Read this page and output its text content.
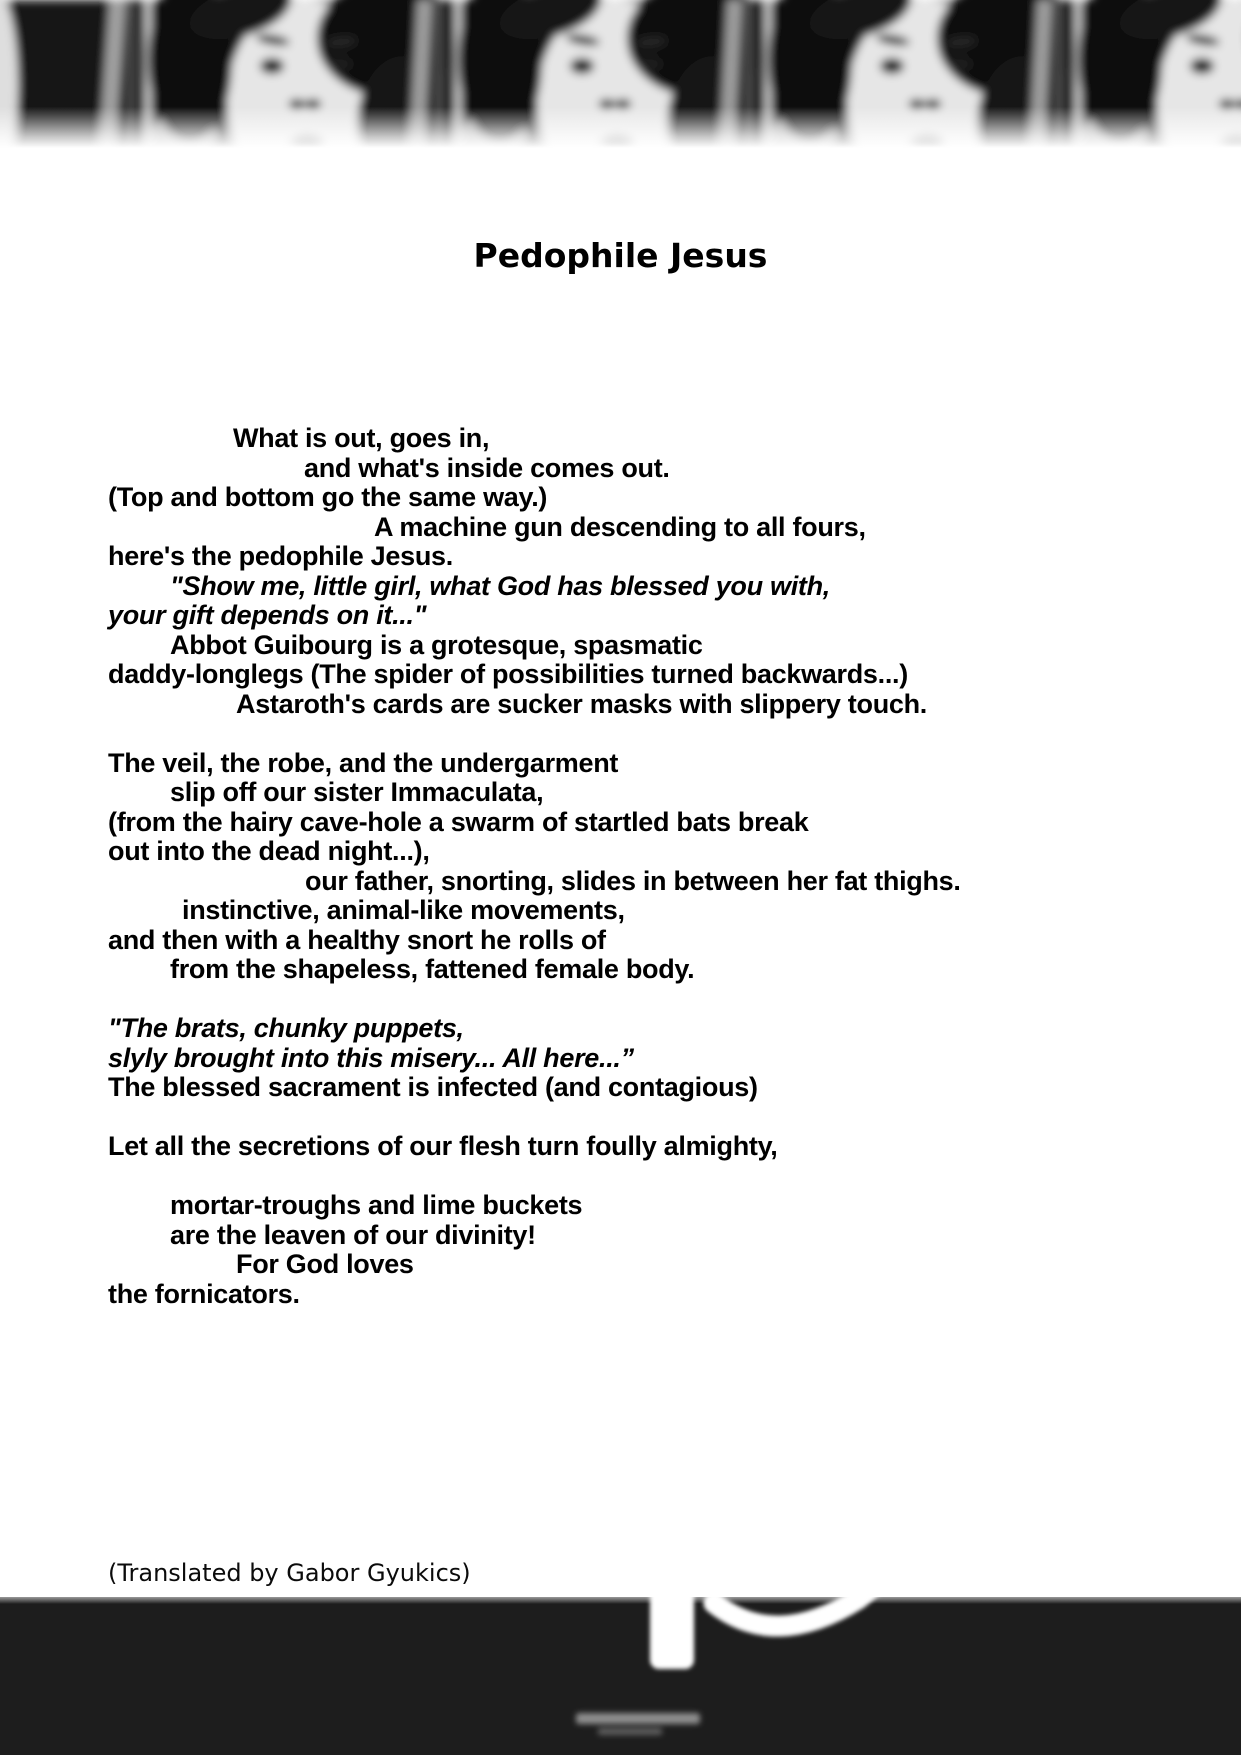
Pedophile Jesus
What is out, goes in,
and what's inside comes out.
(Top and bottom go the same way.)
A machine gun descending to all fours,
here's the pedophile Jesus.
"Show me, little girl, what God has blessed you with,
your gift depends on it..."
Abbot Guibourg is a grotesque, spasmatic
daddy-longlegs (The spider of possibilities turned backwards...)
Astaroth's cards are sucker masks with slippery touch.
The veil, the robe, and the undergarment
slip off our sister Immaculata,
(from the hairy cave-hole a swarm of startled bats break
out into the dead night...),
our father, snorting, slides in between her fat thighs.
instinctive, animal-like movements,
and then with a healthy snort he rolls of
from the shapeless, fattened female body.
"The brats, chunky puppets,
slyly brought into this misery... All here...”
The blessed sacrament is infected (and contagious)
Let all the secretions of our flesh turn foully almighty,
mortar-troughs and lime buckets
are the leaven of our divinity!
For God loves
the fornicators.
(Translated by Gabor Gyukics)
